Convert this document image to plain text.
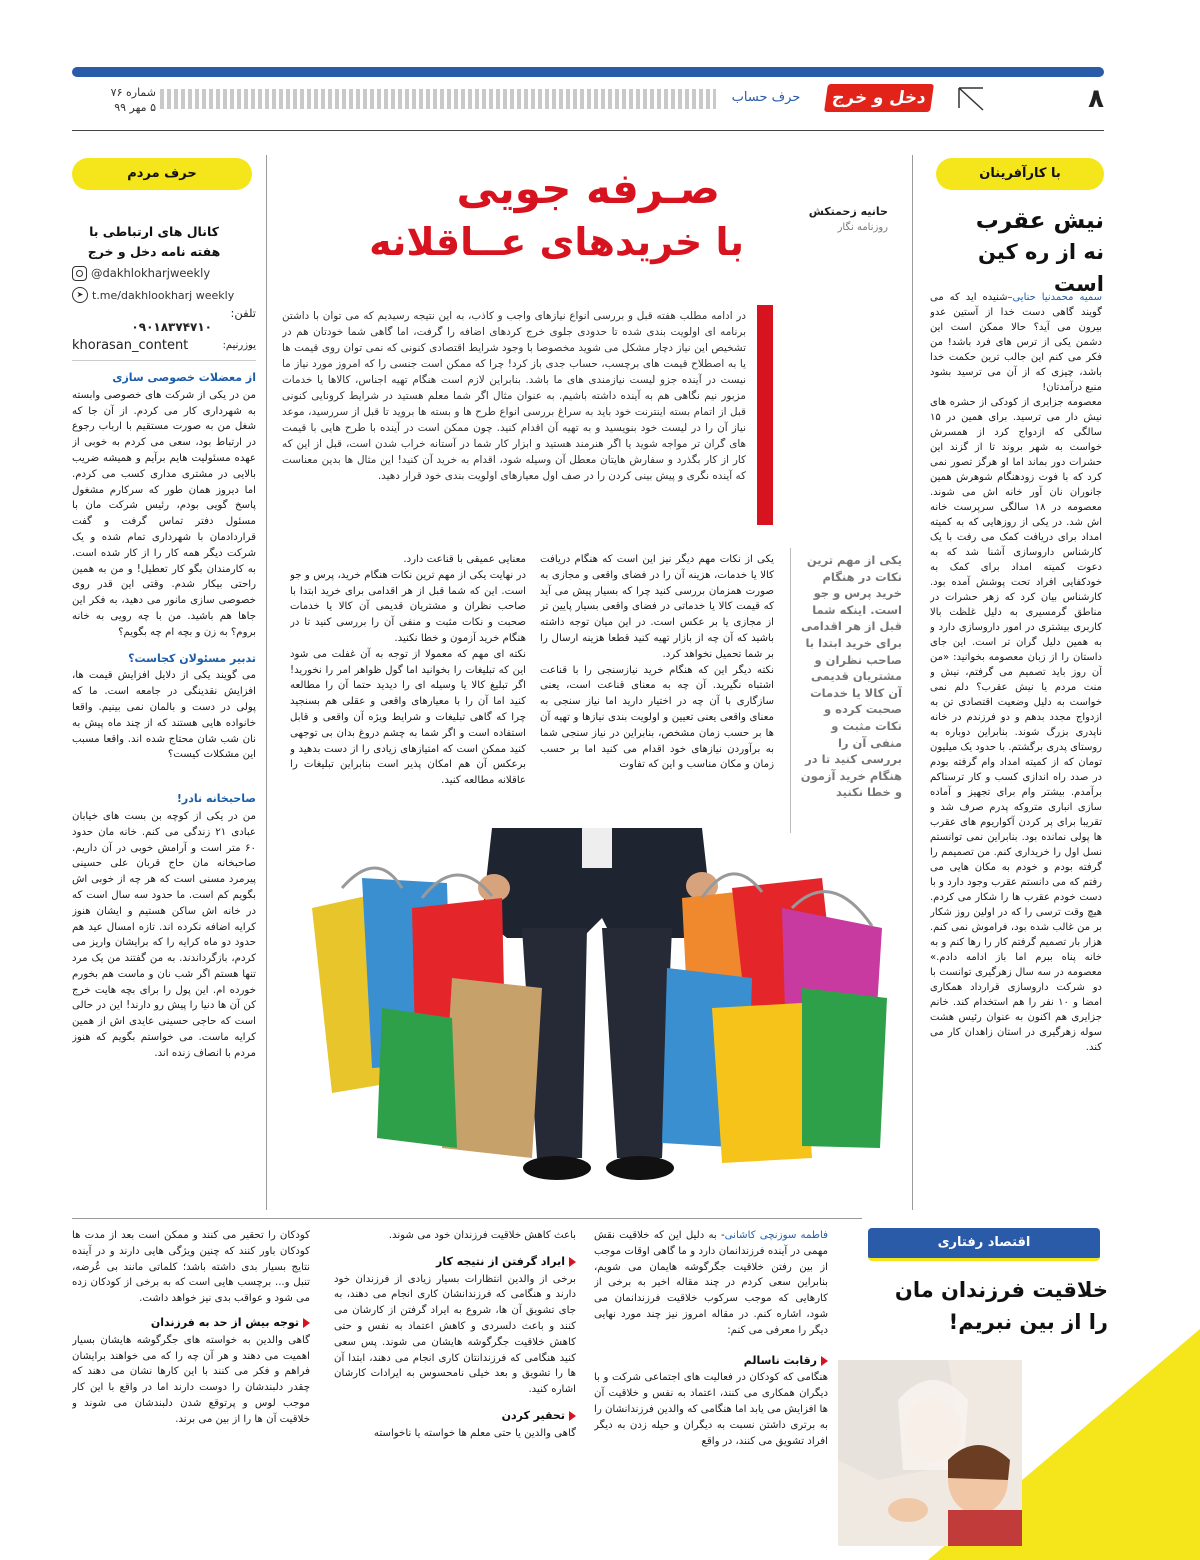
۸
دخل و خرج
حرف حساب
شماره ۷۶
۵ مهر ۹۹
با کارآفرینان
نیش عقرب
نه از ره کین است

سمیه محمدنیا حنایی–شنیده اید که می گویند گاهی دست خدا از آستین عدو بیرون می آید؟ حالا ممکن است این دشمن یکی از ترس های فرد باشد! من فکر می کنم این جالب ترین حکمت خدا باشد، چیزی که از آن می ترسید بشود منبع درآمدتان!

معصومه جزایری از کودکی از حشره های نیش دار می ترسید. برای همین در ۱۵ سالگی که ازدواج کرد از همسرش خواست به شهر بروند تا از گزند این حشرات دور بماند اما او هرگز تصور نمی کرد که با فوت زودهنگام شوهرش همین جانوران نان آور خانه اش می شوند. معصومه در ۱۸ سالگی سرپرست خانه اش شد. در یکی از روزهایی که به کمیته امداد برای دریافت کمک می رفت با یک کارشناس داروسازی آشنا شد که به دعوت کمیته امداد برای کمک به خودکفایی افراد تحت پوشش آمده بود. کارشناس بیان کرد که زهر حشرات در مناطق گرمسیری به دلیل غلظت بالا کاربری بیشتری در امور داروسازی دارد و به همین دلیل گران تر است. این جای داستان را از زبان معصومه بخوانید: «من آن روز باید تصمیم می گرفتم، نیش و منت مردم یا نیش عقرب؟ دلم نمی خواست به دلیل وضعیت اقتصادی تن به ازدواج مجدد بدهم و دو فرزندم در خانه ناپدری بزرگ شوند. بنابراین دوباره به روستای پدری برگشتم. با حدود یک میلیون تومان که از کمیته امداد وام گرفته بودم در صدد راه اندازی کسب و کار ترسناکم برآمدم. بیشتر وام برای تجهیز و آماده سازی انباری متروکه پدرم صرف شد و تقریبا برای پر کردن آکواریوم های عقرب ها پولی نمانده بود. بنابراین نمی توانستم نسل اول را خریداری کنم. من تصمیمم را گرفته بودم و خودم به مکان هایی می رفتم که می دانستم عقرب وجود دارد و با دست خودم عقرب ها را شکار می کردم. هیچ وقت ترسی را که در اولین روز شکار بر من غالب شده بود، فراموش نمی کنم. هزار بار تصمیم گرفتم کار را رها کنم و به خانه پناه ببرم اما باز ادامه دادم.» معصومه در سه سال زهرگیری توانست با دو شرکت داروسازی قرارداد همکاری امضا و ۱۰ نفر را هم استخدام کند. خانم جزایری هم اکنون به عنوان رئیس هشت سوله زهرگیری در استان زاهدان کار می کند.

صـرفه جویی
با خریدهای عــاقلانه
حانیه زحمتکش
روزنامه نگار
در ادامه مطلب هفته قبل و بررسی انواع نیازهای واجب و کاذب، به این نتیجه رسیدیم که می توان با داشتن برنامه ای اولویت بندی شده تا حدودی جلوی خرج کردهای اضافه را گرفت، اما گاهی شما خودتان هم در تشخیص این نیاز دچار مشکل می شوید مخصوصا با وجود شرایط اقتصادی کنونی که نمی توان روی قیمت ها یا به اصطلاح قیمت های برچسب، حساب جدی باز کرد! چرا که ممکن است جنسی را که امروز مورد نیاز ما نیست در آینده جزو لیست نیازمندی های ما باشد. بنابراین لازم است هنگام تهیه اجناس، کالاها یا خدمات مزبور نیم نگاهی هم به آینده داشته باشیم. به عنوان مثال اگر شما معلم هستید در شرایط کرونایی کنونی قبل از اتمام بسته اینترنت خود باید به سراغ بررسی انواع طرح ها و بسته ها بروید تا قبل از سررسید، موعد نیاز آن را در لیست خود بنویسید و به تهیه آن اقدام کنید. چون ممکن است در آینده با طرح هایی با قیمت های گران تر مواجه شوید یا اگر هنرمند هستید و ابزار کار شما در آستانه خراب شدن است، قبل از این که کار از کار بگذرد و سفارش هایتان معطل آن وسیله شود، اقدام به خرید آن کنید! این مثال ها بدین معناست که آینده نگری و پیش بینی کردن را در صف اول معیارهای اولویت بندی خود قرار دهید.
یکی از مهم ترین نکات در هنگام خرید پرس و جو است. اینکه شما قبل از هر اقدامی برای خرید ابتدا با صاحب نظران و مشتریان قدیمی آن کالا یا خدمات صحبت کرده و نکات مثبت و منفی آن را بررسی کنید تا در هنگام خرید آزمون و خطا نکنید

یکی از نکات مهم دیگر نیز این است که هنگام دریافت کالا یا خدمات، هزینه آن را در فضای واقعی و مجازی به صورت همزمان بررسی کنید چرا که بسیار پیش می آید که قیمت کالا یا خدماتی در فضای واقعی بسیار پایین تر از مجازی یا بر عکس است. در این میان توجه داشته باشید که آن چه از بازار تهیه کنید قطعا هزینه ارسال را بر شما تحمیل نخواهد کرد.
نکته دیگر این که هنگام خرید نیازسنجی را با قناعت اشتباه نگیرید. آن چه به معنای قناعت است، یعنی سازگاری با آن چه در اختیار دارید اما نیاز سنجی به معنای واقعی یعنی تعیین و اولویت بندی نیازها و تهیه آن ها بر حسب زمان مشخص، بنابراین در نیاز سنجی شما به برآوردن نیازهای خود اقدام می کنید اما بر حسب زمان و مکان مناسب و این که تفاوت

معنایی عمیقی با قناعت دارد.
در نهایت یکی از مهم ترین نکات هنگام خرید، پرس و جو است. این که شما قبل از هر اقدامی برای خرید ابتدا با صاحب نظران و مشتریان قدیمی آن کالا یا خدمات صحبت و نکات مثبت و منفی آن را بررسی کنید تا در هنگام خرید آزمون و خطا نکنید.
نکته ای مهم که معمولا از توجه به آن غفلت می شود این که تبلیغات را بخوانید اما گول ظواهر امر را نخورید! اگر تبلیغ کالا یا وسیله ای را دیدید حتما آن را مطالعه کنید اما آن را با معیارهای واقعی و عقلی هم بسنجید چرا که گاهی تبلیغات و شرایط ویژه آن واقعی و قابل استفاده است و اگر شما به چشم دروغ بدان بی توجهی کنید ممکن است که امتیازهای زیادی را از دست بدهید و برعکس آن هم امکان پذیر است بنابراین تبلیغات را عاقلانه مطالعه کنید.

حرف مردم
کانال های ارتباطی با هفته نامه دخل و خرج
@dakhlokharjweekly
➤ t.me/dakhlookharj weekly
تلفن:
۰۹۰۱۸۳۷۴۷۱۰
یوزرنیم:
khorasan_content
از معضلات خصوصی سازی

من در یکی از شرکت های خصوصی وابسته به شهرداری کار می کردم. از آن جا که شغل من به صورت مستقیم با ارباب رجوع در ارتباط بود، سعی می کردم به خوبی از عهده مسئولیت هایم برآیم و همیشه ضریب بالایی در مشتری مداری کسب می کردم. اما دیروز همان طور که سرکارم مشغول پاسخ گویی بودم، رئیس شرکت مان با مسئول دفتر تماس گرفت و گفت قراردادمان با شهرداری تمام شده و یک شرکت دیگر همه کار را از کار شده است. به کارمندان بگو کار تعطیل! و من به همین راحتی بیکار شدم. وقتی این قدر روی خصوصی سازی مانور می دهید، به فکر این جاها هم باشید. من با چه رویی به خانه بروم؟ به زن و بچه ام چه بگویم؟

تدبیر مسئولان کجاست؟

می گویند یکی از دلایل افزایش قیمت ها، افزایش نقدینگی در جامعه است. ما که پولی در دست و بالمان نمی بینیم. واقعا خانواده هایی هستند که از چند ماه پیش به نان شب شان محتاج شده اند. واقعا مسبب این مشکلات کیست؟

صاحبخانه نادر!

من در یکی از کوچه بن بست های خیابان عبادی ۲۱ زندگی می کنم. خانه مان حدود ۶۰ متر است و آرامش خوبی در آن داریم. صاحبخانه مان حاج قربان علی حسینی پیرمرد مسنی است که هر چه از خوبی اش بگویم کم است. ما حدود سه سال است که در خانه اش ساکن هستیم و ایشان هنوز کرایه اضافه نکرده اند. تازه امسال عید هم حدود دو ماه کرایه را که برایشان واریز می کردم، بازگرداندند. به من گفتند من یک مرد تنها هستم اگر شب نان و ماست هم بخورم خورده ام. این پول را برای بچه هایت خرج کن آن ها دنیا را پیش رو دارند! این در حالی است که حاجی حسینی عایدی اش از همین کرایه ماست. می خواستم بگویم که هنوز مردم با انصاف زنده اند.

اقتصاد رفتاری
خلاقیت فرزندان مان
را از بین نبریم!

فاطمه سوزنچی کاشانی- به دلیل این که خلاقیت نقش مهمی در آینده فرزندانمان دارد و ما گاهی اوقات موجب از بین رفتن خلاقیت جگرگوشه هایمان می شویم، بنابراین سعی کردم در چند مقاله اخیر به برخی از کارهایی که موجب سرکوب خلاقیت فرزندانمان می شود، اشاره کنم. در مقاله امروز نیز چند مورد نهایی دیگر را معرفی می کنم:

رقابت ناسالم

هنگامی که کودکان در فعالیت های اجتماعی شرکت و با دیگران همکاری می کنند، اعتماد به نفس و خلاقیت آن ها افزایش می یابد اما هنگامی که والدین فرزندانشان را به برتری داشتن نسبت به دیگران و حیله زدن به دیگر افراد تشویق می کنند، در واقع

باعث کاهش خلاقیت فرزندان خود می شوند.

ایراد گرفتن از نتیجه کار

برخی از والدین انتظارات بسیار زیادی از فرزندان خود دارند و هنگامی که فرزندانشان کاری انجام می دهند، به جای تشویق آن ها، شروع به ایراد گرفتن از کارشان می کنند و باعث دلسردی و کاهش اعتماد به نفس و حتی کاهش خلاقیت جگرگوشه هایشان می شوند. پس سعی کنید هنگامی که فرزندانتان کاری انجام می دهند، ابتدا آن ها را تشویق و بعد خیلی نامحسوس به ایرادات کارشان اشاره کنید.

تحقیر کردن

گاهی والدین یا حتی معلم ها خواسته یا ناخواسته

کودکان را تحقیر می کنند و ممکن است بعد از مدت ها کودکان باور کنند که چنین ویژگی هایی دارند و در آینده نتایج بسیار بدی داشته باشد؛ کلماتی مانند بی عُرضه، تنبل و... برچسب هایی است که به برخی از کودکان زده می شود و عواقب بدی نیز خواهد داشت.

توجه بیش از حد به فرزندان

گاهی والدین به خواسته های جگرگوشه هایشان بسیار اهمیت می دهند و هر آن چه را که می خواهند برایشان فراهم و فکر می کنند با این کارها نشان می دهند که چقدر دلبندشان را دوست دارند اما در واقع با این کار موجب لوس و پرتوقع شدن دلبندشان می شوند و خلاقیت آن ها را از بین می برند.
